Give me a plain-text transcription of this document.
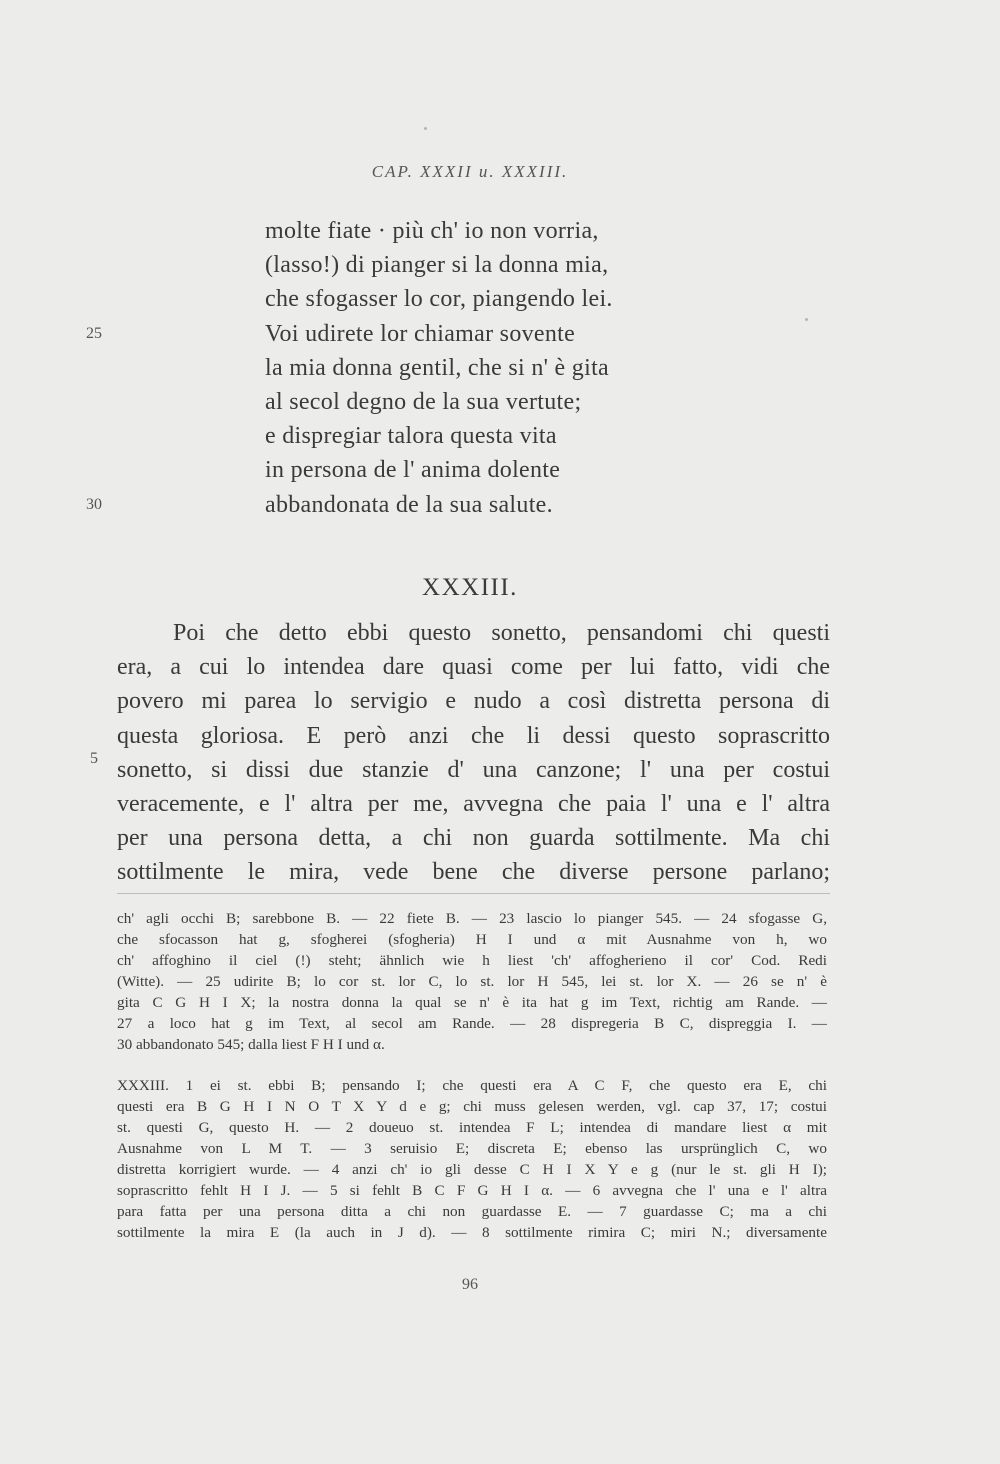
CAP. XXXII u. XXXIII.
molte fiate · più ch' io non vorria,
(lasso!) di pianger si la donna mia,
che sfogasser lo cor, piangendo lei.
Voi udirete lor chiamar sovente
la mia donna gentil, che si n' è gita
al secol degno de la sua vertute;
e dispregiar talora questa vita
in persona de l' anima dolente
abbandonata de la sua salute.
25
30
XXXIII.
Poi che detto ebbi questo sonetto, pensandomi chi questi
era, a cui lo intendea dare quasi come per lui fatto, vidi che
povero mi parea lo servigio e nudo a così distretta persona di
questa gloriosa. E però anzi che li dessi questo soprascritto
sonetto, si dissi due stanzie d' una canzone; l' una per costui
veracemente, e l' altra per me, avvegna che paia l' una e l' altra
per una persona detta, a chi non guarda sottilmente. Ma chi
sottilmente le mira, vede bene che diverse persone parlano;
5
ch' agli occhi B; sarebbone B. — 22 fiete B. — 23 lascio lo pianger 545. — 24 sfogasse G,
che sfocasson hat g, sfogherei (sfogheria) H I und α mit Ausnahme von h, wo
ch' affoghino il ciel (!) steht; ähnlich wie h liest 'ch' affogherieno il cor' Cod. Redi
(Witte). — 25 udirite B; lo cor st. lor C, lo st. lor H 545, lei st. lor X. — 26 se n' è
gita C G H I X; la nostra donna la qual se n' è ita hat g im Text, richtig am Rande. —
27 a loco hat g im Text, al secol am Rande. — 28 dispregeria B C, dispreggia I. —
30 abbandonato 545; dalla liest F H I und α.
XXXIII. 1 ei st. ebbi B; pensando I; che questi era A C F, che questo era E, chi
questi era B G H I N O T X Y d e g; chi muss gelesen werden, vgl. cap 37, 17; costui
st. questi G, questo H. — 2 doueuo st. intendea F L; intendea di mandare liest α mit
Ausnahme von L M T. — 3 seruisio E; discreta E; ebenso las ursprünglich C, wo
distretta korrigiert wurde. — 4 anzi ch' io gli desse C H I X Y e g (nur le st. gli H I);
soprascritto fehlt H I J. — 5 si fehlt B C F G H I α. — 6 avvegna che l' una e l' altra
para fatta per una persona ditta a chi non guardasse E. — 7 guardasse C; ma a chi
sottilmente la mira E (la auch in J d). — 8 sottilmente rimira C; miri N.; diversamente
96
